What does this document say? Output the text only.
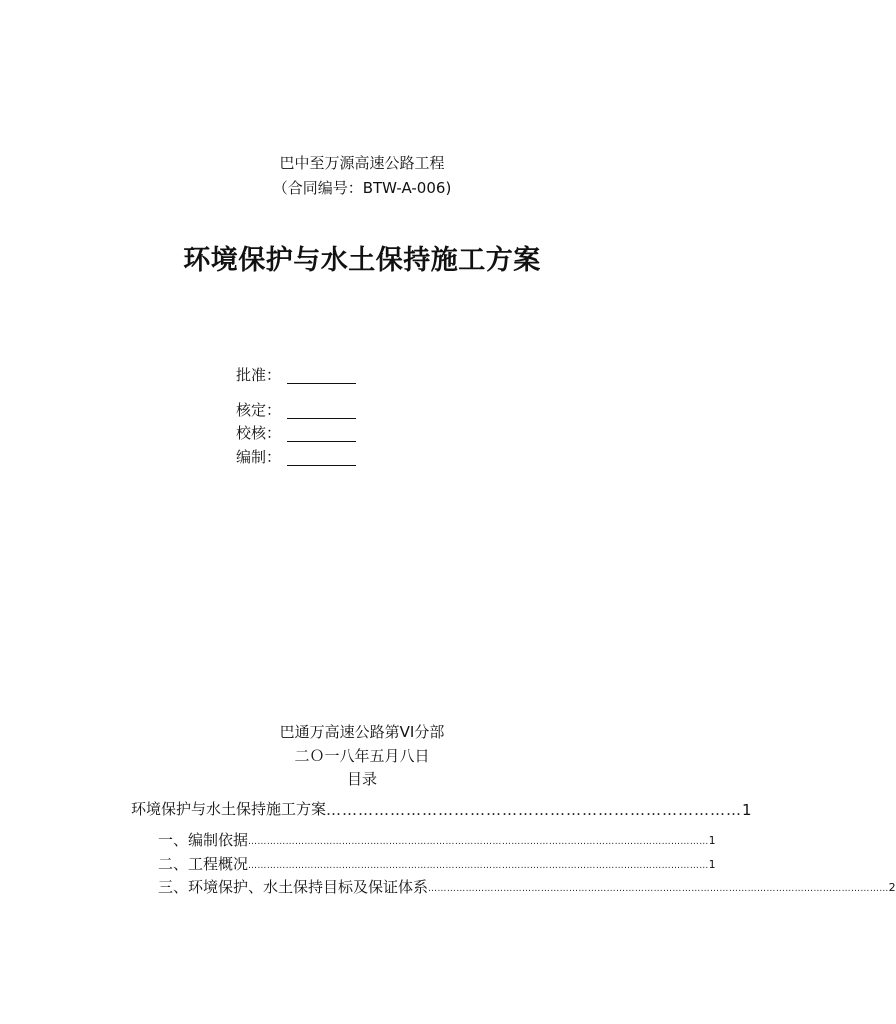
巴中至万源高速公路工程
（合同编号：BTW-A-006)
环境保护与水土保持施工方案
批准：
核定：
校核：
编制：
巴通万高速公路第VI分部
二Ｏ一八年五月八日
目录
环境保护与水土保持施工方案 …………………………………………………………………… 1
一、编制依据 ………………………………………………………………………………………………………………………………… 1
二、工程概况 ………………………………………………………………………………………………………………………………… 1
三、环境保护、水土保持目标及保证体系 ………………………………………………………………………………………………………………………………… 2
